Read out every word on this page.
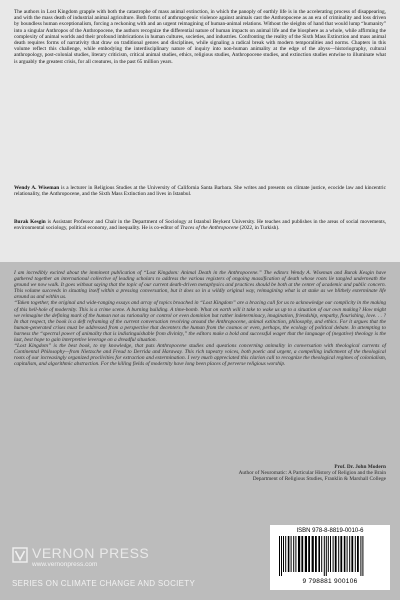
The authors in Lost Kingdom grapple with both the catastrophe of mass animal extinction, in which the panoply of earthly life is in the accelerating process of disappearing, and with the mass death of industrial animal agriculture. Both forms of anthropogenic violence against animals cast the Anthropocene as an era of criminality and loss driven by boundless human exceptionalism, forcing a reckoning with and an urgent reimagining of human-animal relations. Without the sleights of hand that would lump “humanity” into a singular Anthropos of the Anthropocene, the authors recognize the differential nature of human impacts on animal life and the biosphere as a whole, while affirming the complexity of animal worlds and their profound imbrications in human cultures, societies, and industries. Confronting the reality of the Sixth Mass Extinction and mass animal death requires forms of narrativity that draw on traditional genres and disciplines, while signaling a radical break with modern temporalities and norms. Chapters in this volume reflect this challenge, while embodying the interdisciplinary nature of inquiry into non-human animality at the edge of the abyss—historiography, cultural anthropology, post-colonial studies, literary criticism, critical animal studies, ethics, religious studies, Anthropocene studies, and extinction studies entwine to illuminate what is arguably the greatest crisis, for all creatures, in the past 65 million years.

Wendy A. Wiseman is a lecturer in Religious Studies at the University of California Santa Barbara. She writes and presents on climate justice, ecocide law and kincentric relationality, the Anthropocene, and the Sixth Mass Extinction and lives in Istanbul.

Burak Kesgin is Assistant Professor and Chair in the Department of Sociology at Istanbul Beykent University. He teaches and publishes in the areas of social movements, environmental sociology, political economy, and inequality. He is co-editor of Traces of the Anthropocene (2022, in Turkish).

I am incredibly excited about the imminent publication of “Lost Kingdom: Animal Death in the Anthropocene.” The editors Wendy A. Wiseman and Burak Kesgin have gathered together an international collective of leading scholars to address the various registers of ongoing massification of death whose roots lie tangled underneath the ground we now walk. It goes without saying that the topic of our current death-driven metaphysics and practices should be both at the center of academic and public concern. This volume succeeds in situating itself within a pressing conversation, but it does so in a wildly original way, reimagining what is at stake as we blithely exterminate life around us and within us.

“Taken together, the original and wide-ranging essays and array of topics broached in “Lost Kingdom” are a bracing call for us to acknowledge our complicity in the making of this hell-hole of modernity. This is a crime scene. A burning building. A time-bomb. What on earth will it take to wake us up to a situation of our own making? How might we reimagine the defining mark of the human not as rationality or control or even dominion but rather indeterminacy, imagination, friendship, empathy, flourishing, love. . . ? In that respect, the book is a deft reframing of the current conversation revolving around the Anthropocene, animal extinction, philosophy, and ethics. For it argues that the human-generated crises must be addressed from a perspective that decenters the human from the cosmos or even, perhaps, the ecology of political debate. In attempting to harness the “spectral power of animality that is indistinguishable from divinity,” the editors make a bold and successful wager that the language of (negative) theology is the last, best hope to gain interpretive leverage on a dreadful situation.

“Lost Kingdom” is the best book, to my knowledge, that puts Anthropocene studies and questions concerning animality in conversation with theological currents of Continental Philosophy—from Nietzsche and Freud to Derrida and Haraway. This rich tapestry voices, both poetic and urgent, a compelling indictment of the theological roots of our increasingly organized proclivities for extraction and extermination. I very much appreciated this clarion call to recognize the theological regimes of colonialism, capitalism, and algorithmic abstraction. For the killing fields of modernity have long been places of perverse religious worship.

Prof. Dr. John Modern
Author of Neuromatic: A Particular History of Religion and the Brain
Department of Religious Studies, Franklin & Marshall College
VERNON PRESS
www.vernonpress.com
SERIES ON CLIMATE CHANGE AND SOCIETY
ISBN 978-8-8819-0010-6
9 798881 900106
